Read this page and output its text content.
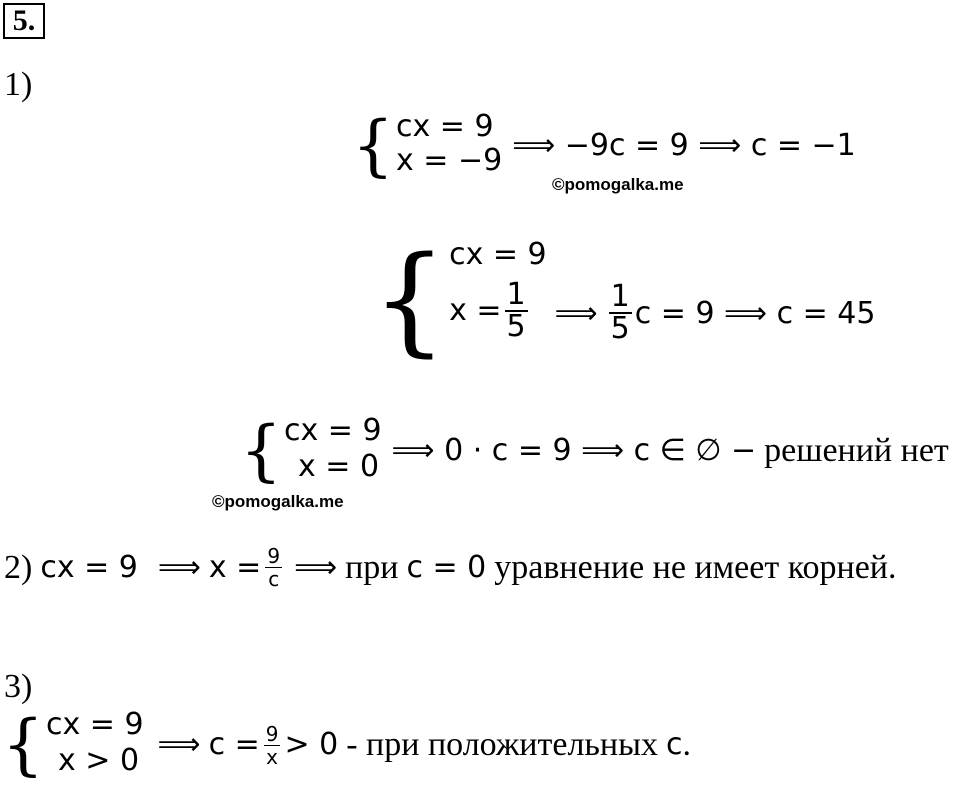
5.
1)
{ cx = 9
x = −9 ⟹ −9c = 9 ⟹ c = −1
©pomogalka.me
{ cx = 9
$x = \frac{1}{5}$ ⟹ $\frac{1}{5}$ c = 9 ⟹ c = 45
{ cx = 9
x = 0 ⟹ 0 · c = 9 ⟹ c ∈ ∅ − решений нет
©pomogalka.me
2) cx = 9 ⟹ $x = \frac{9}{c}$ ⟹ при c = 0 уравнение не имеет корней.
3)
{ cx = 9
x > 0 ⟹ $c = \frac{9}{x} > 0$ - при положительных c .
